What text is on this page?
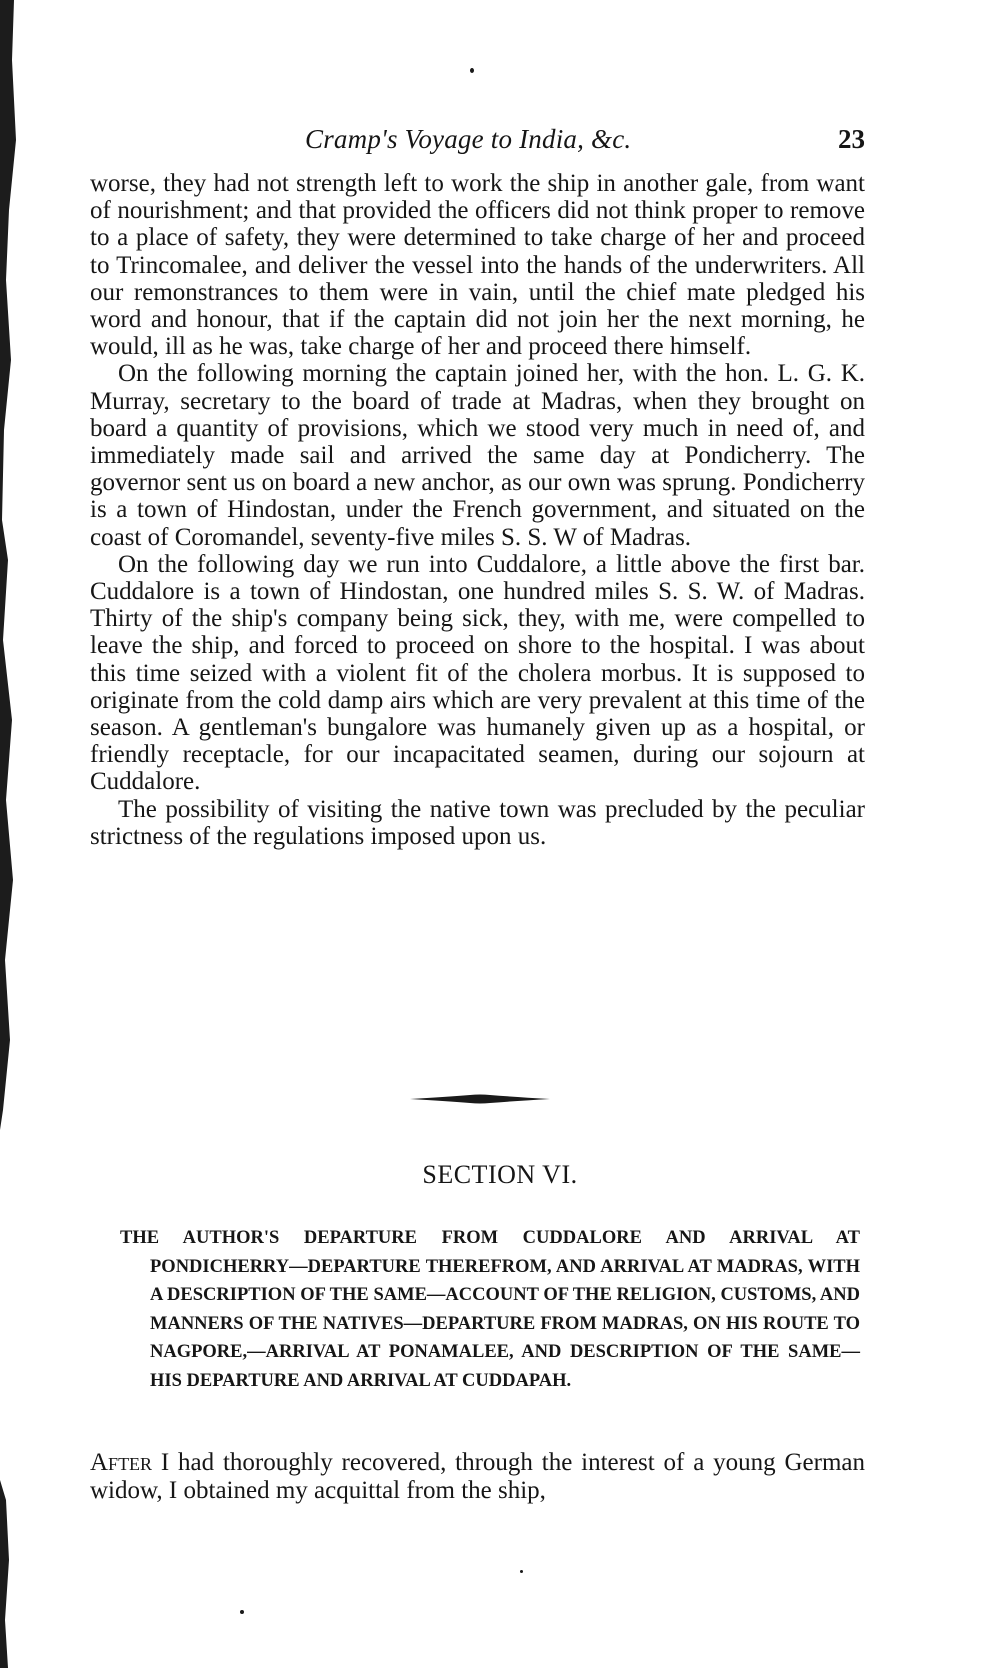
Cramp's Voyage to India, &c.	23

worse, they had not strength left to work the ship in another gale, from want of nourishment; and that provided the officers did not think proper to remove to a place of safety, they were determined to take charge of her and proceed to Trincomalee, and deliver the vessel into the hands of the underwriters. All our remonstrances to them were in vain, until the chief mate pledged his word and honour, that if the captain did not join her the next morning, he would, ill as he was, take charge of her and proceed there himself.

On the following morning the captain joined her, with the hon. L. G. K. Murray, secretary to the board of trade at Madras, when they brought on board a quantity of provisions, which we stood very much in need of, and immediately made sail and arrived the same day at Pondicherry. The governor sent us on board a new anchor, as our own was sprung. Pondicherry is a town of Hindostan, under the French government, and situated on the coast of Coromandel, seventy-five miles S. S. W of Madras.

On the following day we run into Cuddalore, a little above the first bar. Cuddalore is a town of Hindostan, one hundred miles S. S. W. of Madras. Thirty of the ship's company being sick, they, with me, were compelled to leave the ship, and forced to proceed on shore to the hospital. I was about this time seized with a violent fit of the cholera morbus. It is supposed to originate from the cold damp airs which are very prevalent at this time of the season. A gentleman's bungalore was humanely given up as a hospital, or friendly receptacle, for our incapacitated seamen, during our sojourn at Cuddalore.

The possibility of visiting the native town was precluded by the peculiar strictness of the regulations imposed upon us.

SECTION VI.
THE AUTHOR'S DEPARTURE FROM CUDDALORE AND ARRIVAL AT PONDICHERRY—DEPARTURE THEREFROM, AND ARRIVAL AT MADRAS, WITH A DESCRIPTION OF THE SAME—ACCOUNT OF THE RELIGION, CUSTOMS, AND MANNERS OF THE NATIVES—DEPARTURE FROM MADRAS, ON HIS ROUTE TO NAGPORE,—ARRIVAL AT PONAMALEE, AND DESCRIPTION OF THE SAME—HIS DEPARTURE AND ARRIVAL AT CUDDAPAH.
After I had thoroughly recovered, through the interest of a young German widow, I obtained my acquittal from the ship,
